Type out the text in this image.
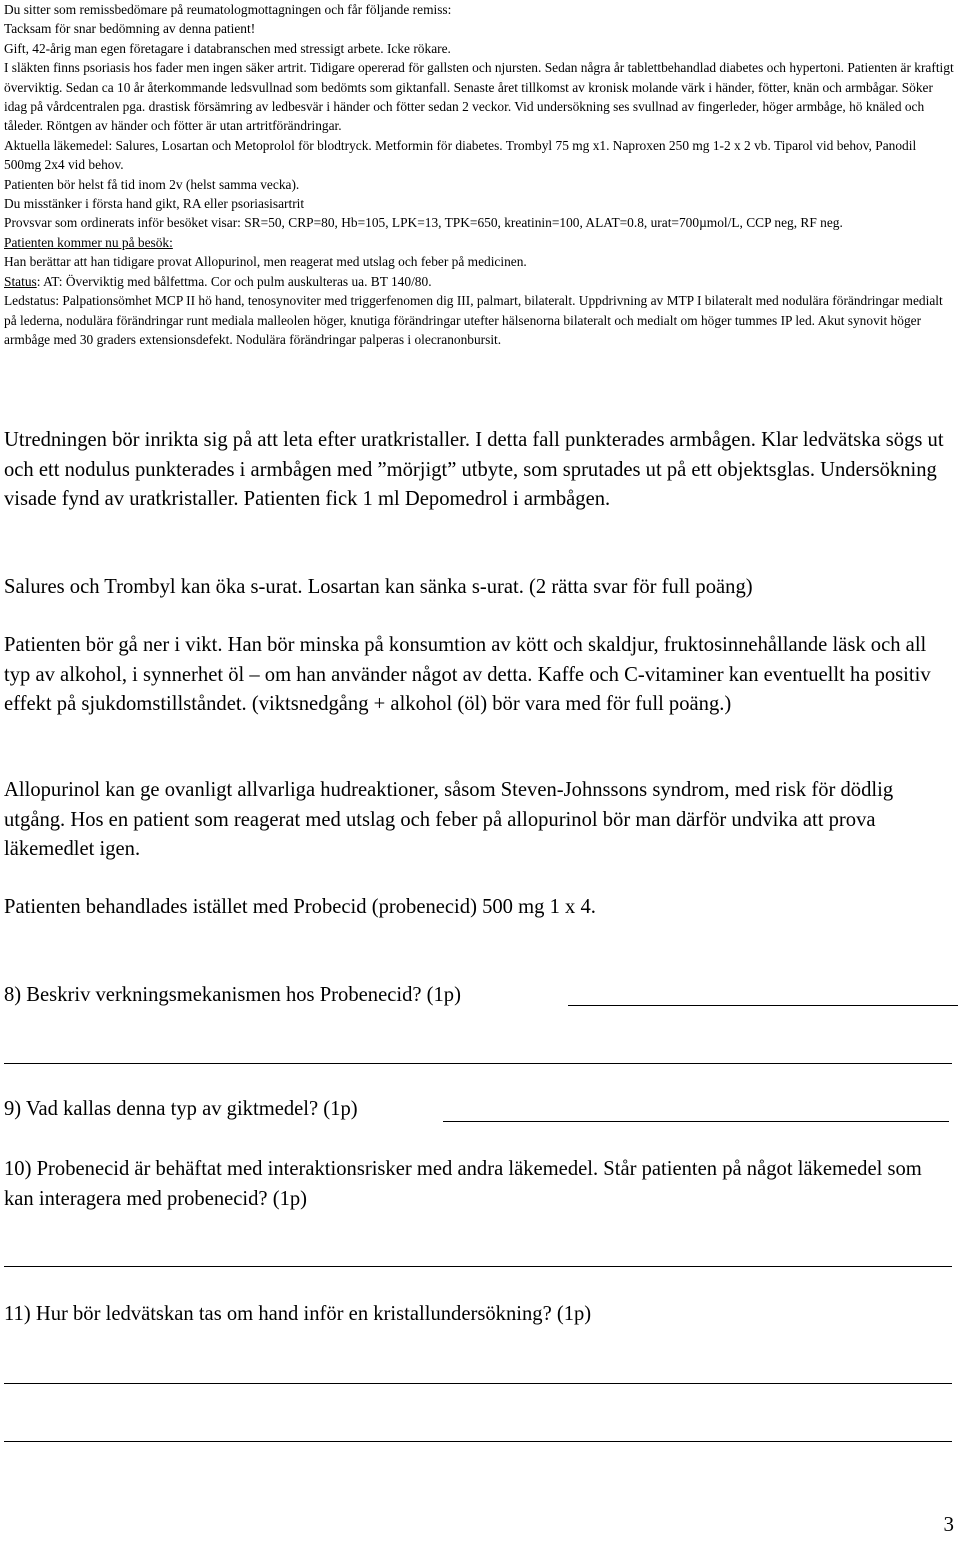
Du sitter som remissbedömare på reumatologmottagningen och får följande remiss:

Tacksam för snar bedömning av denna patient!

Gift, 42-årig man egen företagare i databranschen med stressigt arbete. Icke rökare.

I släkten finns psoriasis hos fader men ingen säker artrit. Tidigare opererad för gallsten och njursten. Sedan några år tablettbehandlad diabetes och hypertoni. Patienten är kraftigt överviktig. Sedan ca 10 år återkommande ledsvullnad som bedömts som giktanfall. Senaste året tillkomst av kronisk molande värk i händer, fötter, knän och armbågar. Söker idag på vårdcentralen pga. drastisk försämring av ledbesvär i händer och fötter sedan 2 veckor. Vid undersökning ses svullnad av fingerleder, höger armbåge, hö knäled och tåleder. Röntgen av händer och fötter är utan artritförändringar.

Aktuella läkemedel: Salures, Losartan och Metoprolol för blodtryck. Metformin för diabetes. Trombyl 75 mg x1. Naproxen 250 mg 1-2 x 2 vb. Tiparol vid behov, Panodil 500mg 2x4 vid behov.

Patienten bör helst få tid inom 2v (helst samma vecka).

Du misstänker i första hand gikt, RA eller psoriasisartrit

Provsvar som ordinerats inför besöket visar: SR=50, CRP=80, Hb=105, LPK=13, TPK=650, kreatinin=100, ALAT=0.8, urat=700µmol/L, CCP neg, RF neg.

Patienten kommer nu på besök:

Han berättar att han tidigare provat Allopurinol, men reagerat med utslag och feber på medicinen.

Status: AT: Överviktig med bålfettma. Cor och pulm auskulteras ua. BT 140/80.

Ledstatus: Palpationsömhet MCP II hö hand, tenosynoviter med triggerfenomen dig III, palmart, bilateralt. Uppdrivning av MTP I bilateralt med nodulära förändringar medialt på lederna, nodulära förändringar runt mediala malleolen höger, knutiga förändringar utefter hälsenorna bilateralt och medialt om höger tummes IP led. Akut synovit höger armbåge med 30 graders extensionsdefekt. Nodulära förändringar palperas i olecranonbursit.

Utredningen bör inrikta sig på att leta efter uratkristaller. I detta fall punkterades armbågen. Klar ledvätska sögs ut och ett nodulus punkterades i armbågen med ”mörjigt” utbyte, som sprutades ut på ett objektsglas. Undersökning visade fynd av uratkristaller. Patienten fick 1 ml Depomedrol i armbågen.

Salures och Trombyl kan öka s-urat. Losartan kan sänka s-urat. (2 rätta svar för full poäng)

Patienten bör gå ner i vikt. Han bör minska på konsumtion av kött och skaldjur, fruktosinnehållande läsk och all typ av alkohol, i synnerhet öl – om han använder något av detta. Kaffe och C-vitaminer kan eventuellt ha positiv effekt på sjukdomstillståndet. (viktsnedgång + alkohol (öl) bör vara med för full poäng.)

Allopurinol kan ge ovanligt allvarliga hudreaktioner, såsom Steven-Johnssons syndrom, med risk för dödlig utgång. Hos en patient som reagerat med utslag och feber på allopurinol bör man därför undvika att prova läkemedlet igen.

Patienten behandlades istället med Probecid (probenecid) 500 mg 1 x 4.

8) Beskriv verkningsmekanismen hos Probenecid? (1p)

9) Vad kallas denna typ av giktmedel? (1p)

10) Probenecid är behäftat med interaktionsrisker med andra läkemedel. Står patienten på något läkemedel som kan interagera med probenecid? (1p)

11) Hur bör ledvätskan tas om hand inför en kristallundersökning? (1p)

3
